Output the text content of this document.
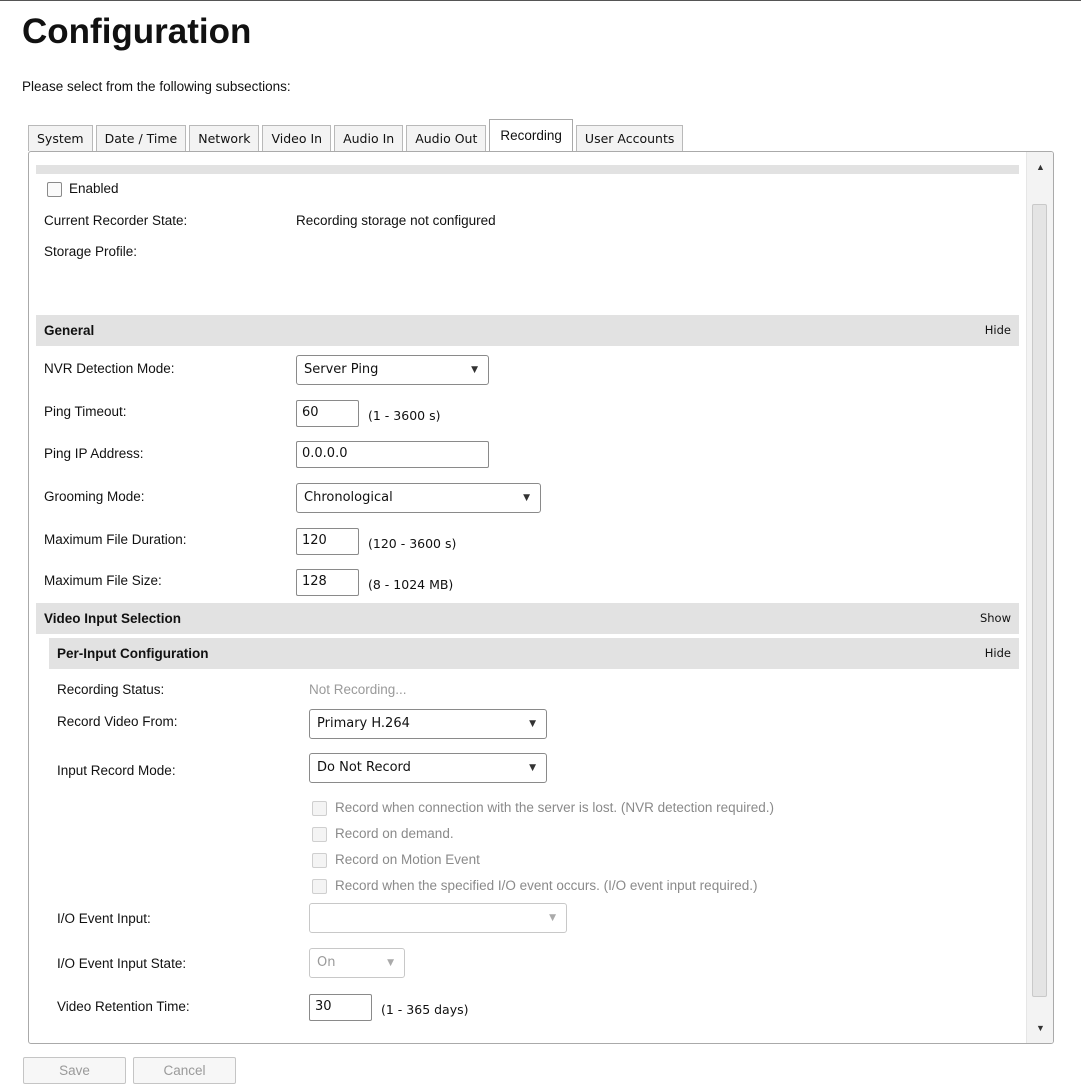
Configuration
Please select from the following subsections:
System	Date / Time	Network	Video In	Audio In	Audio Out	Recording	User Accounts
Enabled
Current Recorder State:	Recording storage not configured
Storage Profile:
General	Hide
NVR Detection Mode:	Server Ping	▼
Ping Timeout:	60	(1 - 3600 s)
Ping IP Address:	0.0.0.0
Grooming Mode:	Chronological	▼
Maximum File Duration:	120	(120 - 3600 s)
Maximum File Size:	128	(8 - 1024 MB)
Video Input Selection	Show
Per-Input Configuration	Hide
Recording Status:	Not Recording...
Record Video From:	Primary H.264	▼
Input Record Mode:	Do Not Record	▼
Record when connection with the server is lost. (NVR detection required.)
Record on demand.
Record on Motion Event
Record when the specified I/O event occurs. (I/O event input required.)
I/O Event Input:	▼
I/O Event Input State:	On	▼
Video Retention Time:	30	(1 - 365 days)
▲
▼
Save	Cancel
